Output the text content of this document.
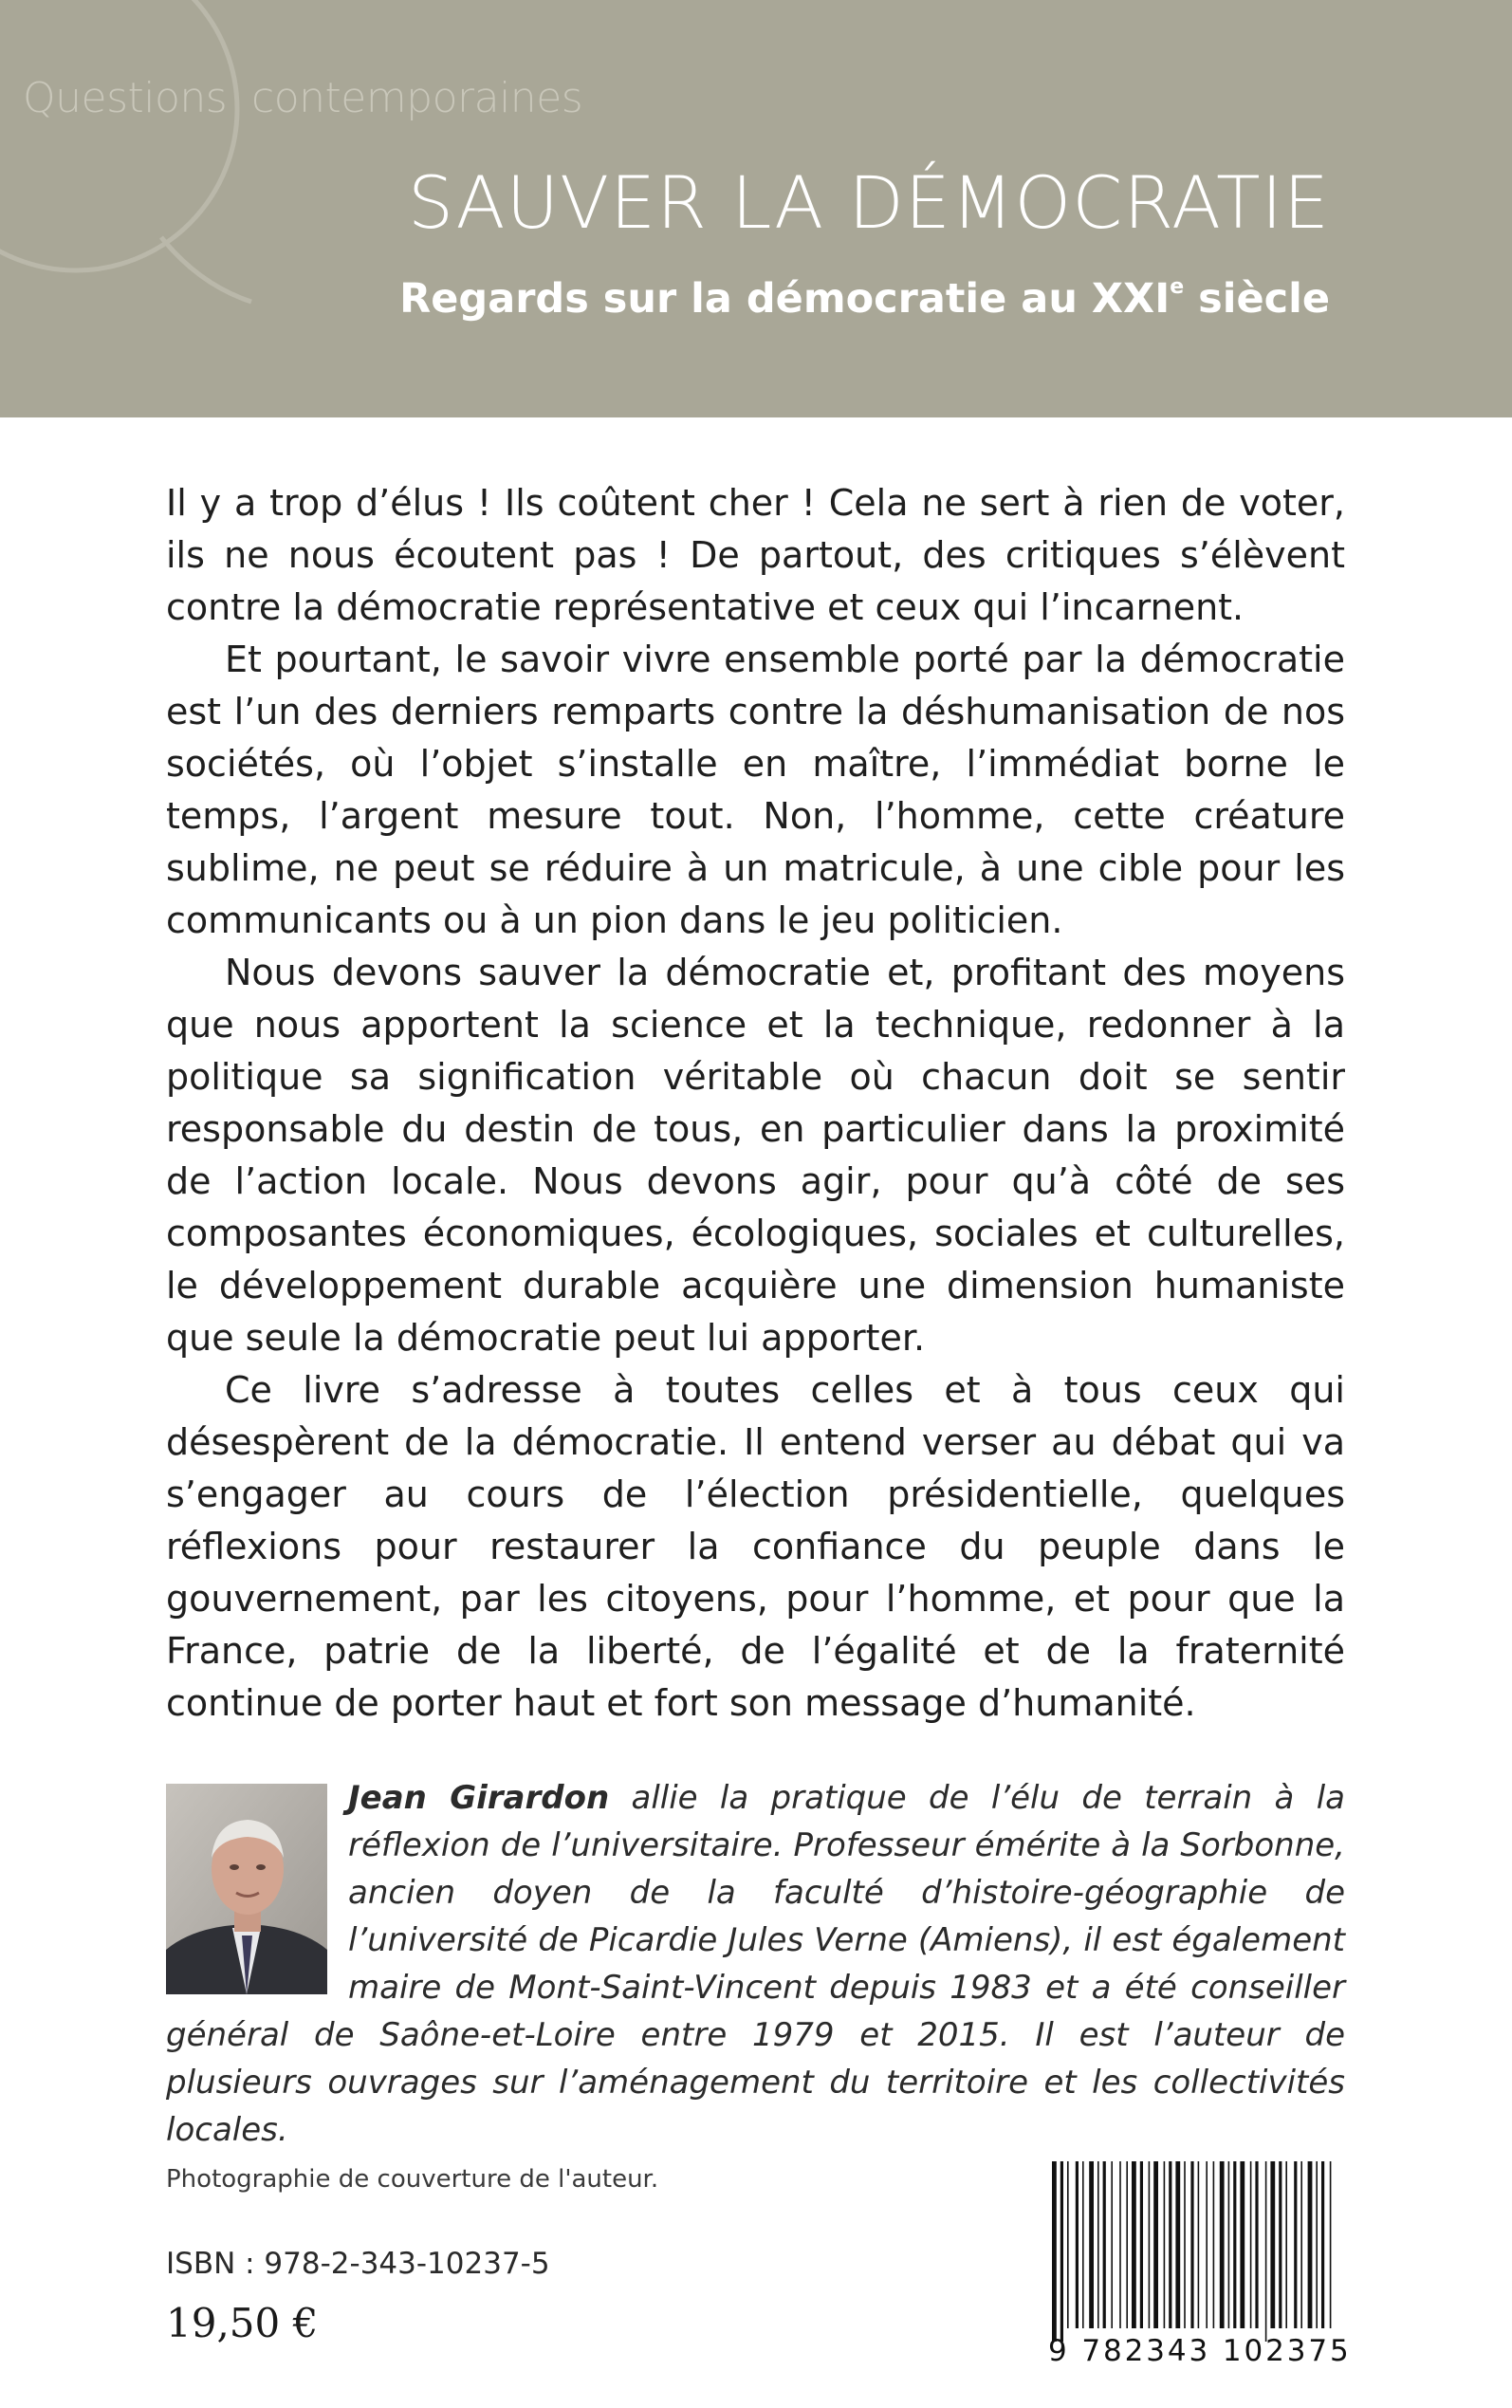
Questions contemporaines
SAUVER LA DÉMOCRATIE
Regards sur la démocratie au XXIe siècle

Il y a trop d’élus ! Ils coûtent cher ! Cela ne sert à rien de voter, ils ne nous écoutent pas ! De partout, des critiques s’élèvent contre la démocratie représentative et ceux qui l’incarnent.

Et pourtant, le savoir vivre ensemble porté par la démocratie est l’un des derniers remparts contre la déshumanisation de nos sociétés, où l’objet s’installe en maître, l’immédiat borne le temps, l’argent mesure tout. Non, l’homme, cette créature sublime, ne peut se réduire à un matricule, à une cible pour les communicants ou à un pion dans le jeu politicien.

Nous devons sauver la démocratie et, profitant des moyens que nous apportent la science et la technique, redonner à la politique sa signification véritable où chacun doit se sentir responsable du destin de tous, en particulier dans la proximité de l’action locale. Nous devons agir, pour qu’à côté de ses composantes économiques, écologiques, sociales et culturelles, le développement durable acquière une dimension humaniste que seule la démocratie peut lui apporter.

Ce livre s’adresse à toutes celles et à tous ceux qui désespèrent de la démocratie. Il entend verser au débat qui va s’engager au cours de l’élection présidentielle, quelques réflexions pour restaurer la confiance du peuple dans le gouvernement, par les citoyens, pour l’homme, et pour que la France, patrie de la liberté, de l’égalité et de la fraternité continue de porter haut et fort son message d’humanité.

Jean Girardon allie la pratique de l’élu de terrain à la réflexion de l’universitaire. Professeur émérite à la Sorbonne, ancien doyen de la faculté d’histoire-géographie de l’université de Picardie Jules Verne (Amiens), il est également maire de Mont-Saint-Vincent depuis 1983 et a été conseiller général de Saône-et-Loire entre 1979 et 2015. Il est l’auteur de plusieurs ouvrages sur l’aménagement du territoire et les collectivités locales.
Photographie de couverture de l'auteur.
ISBN : 978-2-343-10237-5
19,50 €
9 782343 102375
